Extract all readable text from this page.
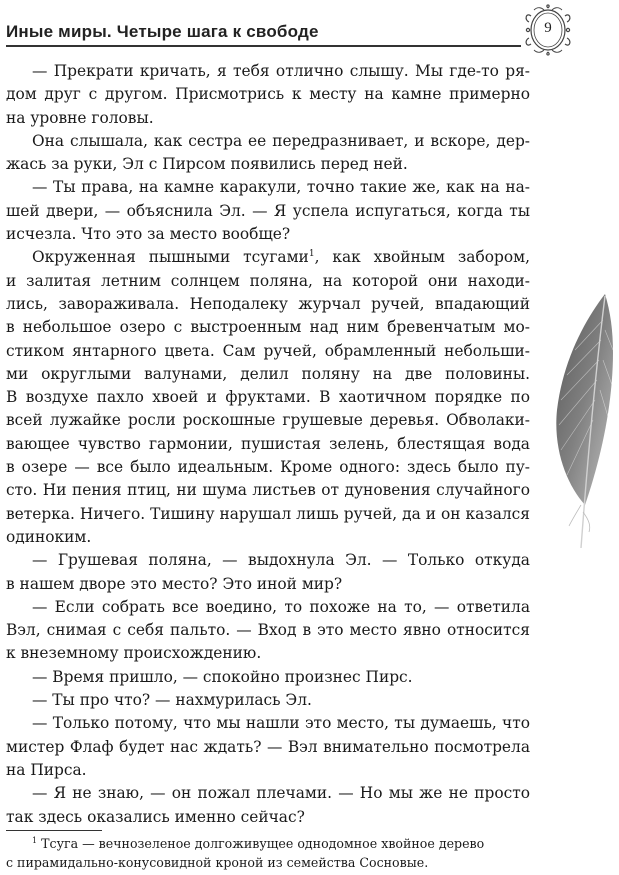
Иные миры. Четыре шага к свободе	9
— Прекрати кричать, я тебя отлично слышу. Мы где-то ря-
дом друг с другом. Присмотрись к месту на камне примерно
на уровне головы.
Она слышала, как сестра ее передразнивает, и вскоре, дер-
жась за руки, Эл с Пирсом появились перед ней.
— Ты права, на камне каракули, точно такие же, как на на-
шей двери, — объяснила Эл. — Я успела испугаться, когда ты
исчезла. Что это за место вообще?
Окруженная пышными тсугами$^1$, как хвойным забором,
и залитая летним солнцем поляна, на которой они находи-
лись, завораживала. Неподалеку журчал ручей, впадающий
в небольшое озеро с выстроенным над ним бревенчатым мо-
стиком янтарного цвета. Сам ручей, обрамленный небольши-
ми округлыми валунами, делил поляну на две половины.
В воздухе пахло хвоей и фруктами. В хаотичном порядке по
всей лужайке росли роскошные грушевые деревья. Обволаки-
вающее чувство гармонии, пушистая зелень, блестящая вода
в озере — все было идеальным. Кроме одного: здесь было пу-
сто. Ни пения птиц, ни шума листьев от дуновения случайного
ветерка. Ничего. Тишину нарушал лишь ручей, да и он казался
одиноким.
— Грушевая поляна, — выдохнула Эл. — Только откуда
в нашем дворе это место? Это иной мир?
— Если собрать все воедино, то похоже на то, — ответила
Вэл, снимая с себя пальто. — Вход в это место явно относится
к внеземному происхождению.
— Время пришло, — спокойно произнес Пирс.
— Ты про что? — нахмурилась Эл.
— Только потому, что мы нашли это место, ты думаешь, что
мистер Флаф будет нас ждать? — Вэл внимательно посмотрела
на Пирса.
— Я не знаю, — он пожал плечами. — Но мы же не просто
так здесь оказались именно сейчас?
$^1$ Тсуга — вечнозеленое долгоживущее однодомное хвойное дерево
с пирамидально-конусовидной кроной из семейства Сосновые.
